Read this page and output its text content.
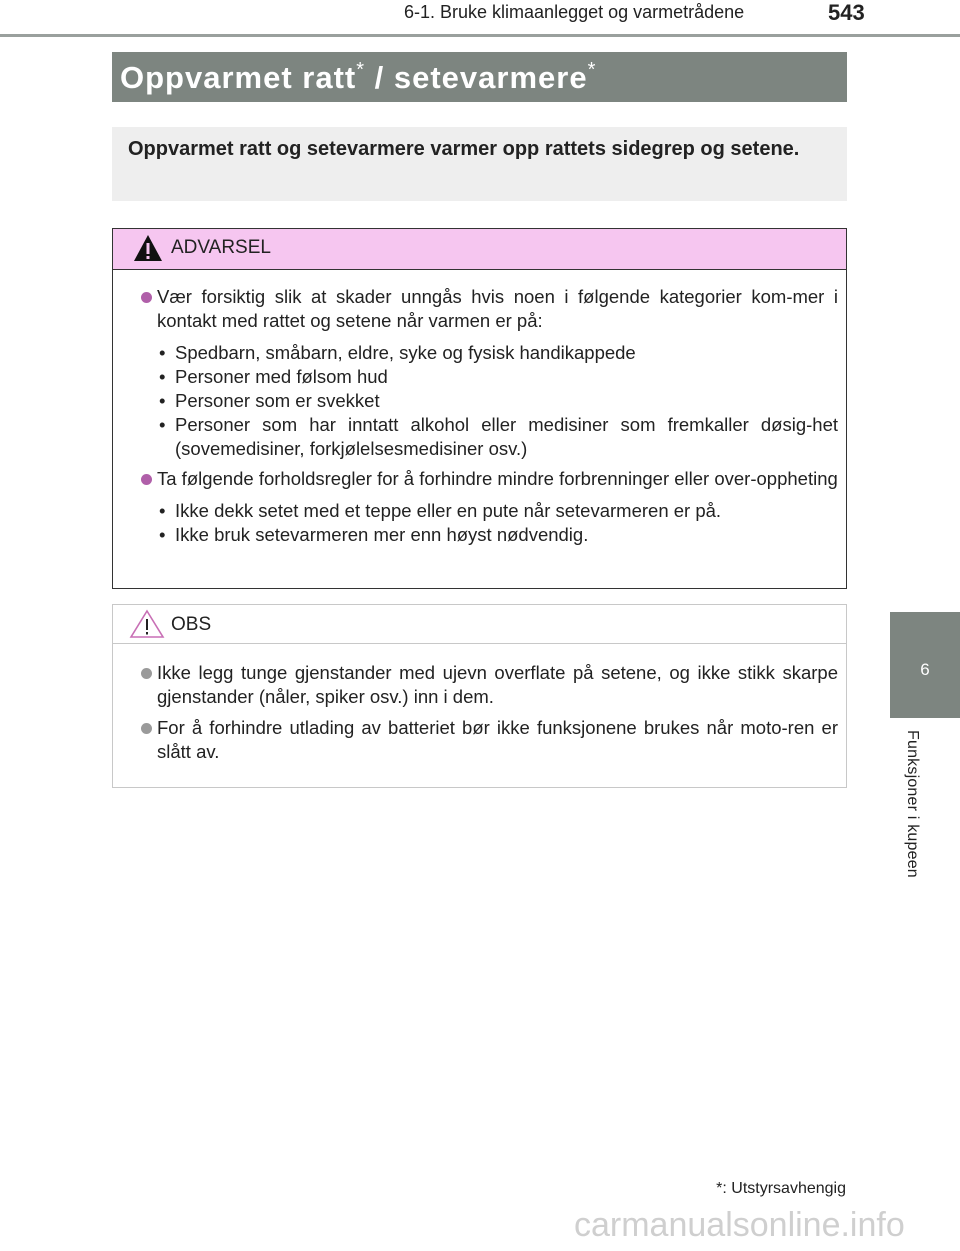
6-1. Bruke klimaanlegget og varmetrådene	543
Oppvarmet ratt* / setevarmere*
Oppvarmet ratt og setevarmere varmer opp rattets sidegrep og setene.
ADVARSEL
Vær forsiktig slik at skader unngås hvis noen i følgende kategorier kom-mer i kontakt med rattet og setene når varmen er på:
• Spedbarn, småbarn, eldre, syke og fysisk handikappede
• Personer med følsom hud
• Personer som er svekket
• Personer som har inntatt alkohol eller medisiner som fremkaller døsig-het (sovemedisiner, forkjølelsesmedisiner osv.)
Ta følgende forholdsregler for å forhindre mindre forbrenninger eller over-oppheting
• Ikke dekk setet med et teppe eller en pute når setevarmeren er på.
• Ikke bruk setevarmeren mer enn høyst nødvendig.
OBS
Ikke legg tunge gjenstander med ujevn overflate på setene, og ikke stikk skarpe gjenstander (nåler, spiker osv.) inn i dem.
For å forhindre utlading av batteriet bør ikke funksjonene brukes når moto-ren er slått av.
6
Funksjoner i kupeen
*: Utstyrsavhengig
carmanualsonline.info
